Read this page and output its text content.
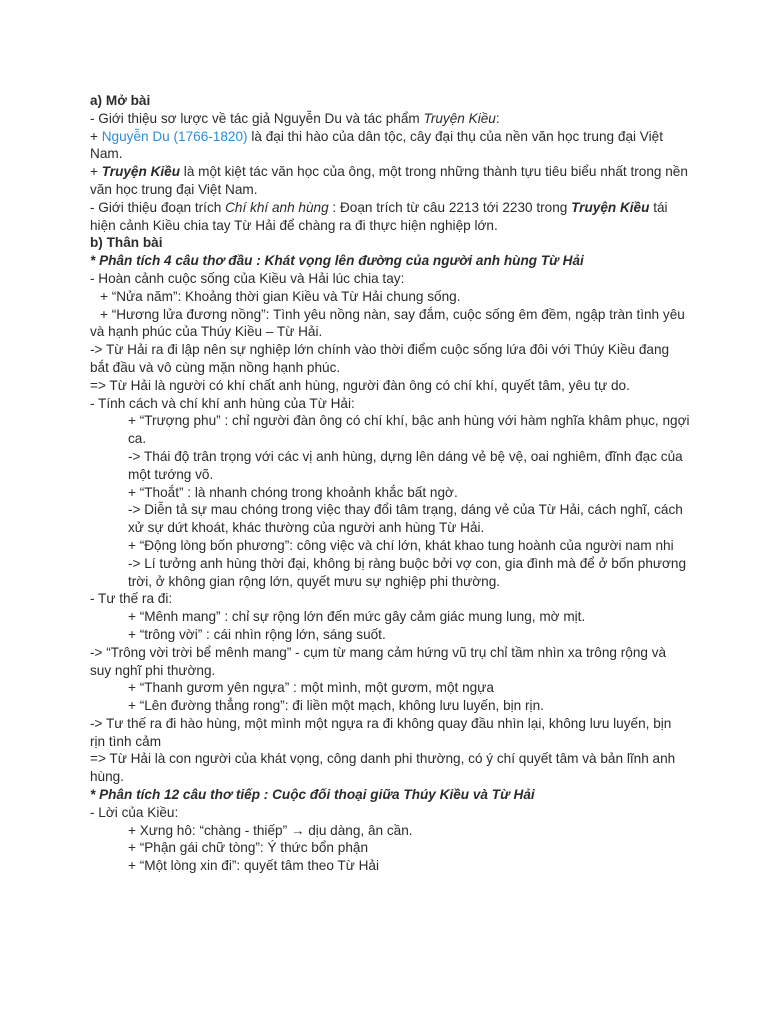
a) Mở bài

- Giới thiệu sơ lược về tác giả Nguyễn Du và tác phẩm Truyện Kiều:

+ Nguyễn Du (1766-1820) là đại thi hào của dân tộc, cây đại thụ của nền văn học trung đại Việt Nam.

+ Truyện Kiều là một kiệt tác văn học của ông, một trong những thành tựu tiêu biểu nhất trong nền văn học trung đại Việt Nam.

- Giới thiệu đoạn trích Chí khí anh hùng : Đoạn trích từ câu 2213 tới 2230 trong Truyện Kiều tái hiện cảnh Kiều chia tay Từ Hải để chàng ra đi thực hiện nghiệp lớn.

b) Thân bài

* Phân tích 4 câu thơ đầu : Khát vọng lên đường của người anh hùng Từ Hải

- Hoàn cảnh cuộc sống của Kiều và Hải lúc chia tay:

+ “Nửa năm”: Khoảng thời gian Kiều và Từ Hải chung sống.

+ “Hương lửa đương nồng”: Tình yêu nồng nàn, say đắm, cuộc sống êm đềm, ngập tràn tình yêu và hạnh phúc của Thúy Kiều – Từ Hải.

-> Từ Hải ra đi lập nên sự nghiệp lớn chính vào thời điểm cuộc sống lứa đôi với Thúy Kiều đang bắt đầu và vô cùng mặn nồng hạnh phúc.

=> Từ Hải là người có khí chất anh hùng, người đàn ông có chí khí, quyết tâm, yêu tự do.

- Tính cách và chí khí anh hùng của Từ Hải:

+ “Trượng phu” : chỉ người đàn ông có chí khí, bậc anh hùng với hàm nghĩa khâm phục, ngợi ca.

-> Thái độ trân trọng với các vị anh hùng, dựng lên dáng vẻ bệ vệ, oai nghiêm, đĩnh đạc của một tướng võ.

+ “Thoắt” : là nhanh chóng trong khoảnh khắc bất ngờ.

-> Diễn tả sự mau chóng trong việc thay đổi tâm trạng, dáng vẻ của Từ Hải, cách nghĩ, cách xử sự dứt khoát, khác thường của người anh hùng Từ Hải.

+ “Động lòng bốn phương”: công việc và chí lớn, khát khao tung hoành của người nam nhi

-> Lí tưởng anh hùng thời đại, không bị ràng buộc bởi vợ con, gia đình mà để ở bốn phương trời, ở không gian rộng lớn, quyết mưu sự nghiệp phi thường.

- Tư thế ra đi:

+ “Mênh mang” : chỉ sự rộng lớn đến mức gây cảm giác mung lung, mờ mịt.

+ “trông vời” : cái nhìn rộng lớn, sáng suốt.

-> “Trông vời trời bể mênh mang” - cụm từ mang cảm hứng vũ trụ chỉ tầm nhìn xa trông rộng và suy nghĩ phi thường.

+ “Thanh gươm yên ngựa” : một mình, một gươm, một ngựa

+ “Lên đường thẳng rong”: đi liền một mạch, không lưu luyến, bịn rịn.

-> Tư thế ra đi hào hùng, một mình một ngựa ra đi không quay đầu nhìn lại, không lưu luyến, bịn rịn tình cảm

=> Từ Hải là con người của khát vọng, công danh phi thường, có ý chí quyết tâm và bản lĩnh anh hùng.

* Phân tích 12 câu thơ tiếp : Cuộc đối thoại giữa Thúy Kiều và Từ Hải

- Lời của Kiều:

+ Xưng hô: “chàng - thiếp” → dịu dàng, ân cần.

+ “Phận gái chữ tòng”: Ý thức bổn phận

+ “Một lòng xin đi”: quyết tâm theo Từ Hải
